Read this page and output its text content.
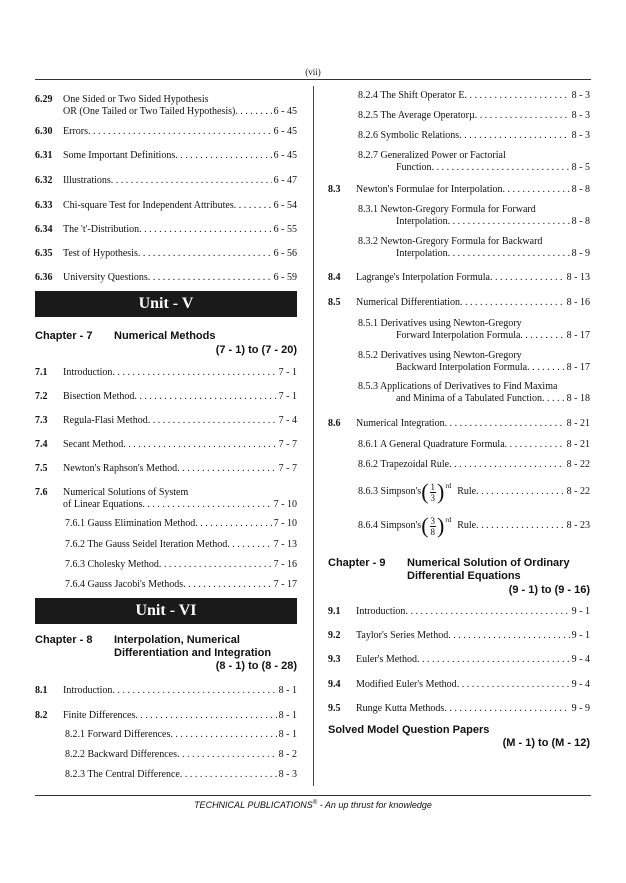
(vii)
6.29 One Sided or Two Sided Hypothesis
OR (One Tailed or Two Tailed Hypothesis) . . .	6 - 45
6.30 Errors . . .	6 - 45
6.31 Some Important Definitions . . .	6 - 45
6.32 Illustrations . . .	6 - 47
6.33 Chi-square Test for Independent Attributes . . .	6 - 54
6.34 The 't'-Distribution . . .	6 - 55
6.35 Test of Hypothesis . . .	6 - 56
6.36 University Questions . . .	6 - 59
Unit - V
Chapter - 7 Numerical Methods
(7 - 1) to (7 - 20)
7.1 Introduction . . .	7 - 1
7.2 Bisection Method . . .	7 - 1
7.3 Regula-Flasi Method . . .	7 - 4
7.4 Secant Method . . .	7 - 7
7.5 Newton's Raphson's Method . . .	7 - 7
7.6 Numerical Solutions of System
of Linear Equations . . .	7 - 10
7.6.1 Gauss Elimination Method . . .	7 - 10
7.6.2 The Gauss Seidel Iteration Method . . .	7 - 13
7.6.3 Cholesky Method . . .	7 - 16
7.6.4 Gauss Jacobi's Methods . . .	7 - 17
Unit - VI
Chapter - 8 Interpolation, Numerical
Differentiation and Integration
(8 - 1) to (8 - 28)
8.1 Introduction . . .	8 - 1
8.2 Finite Differences . . .	8 - 1
8.2.1 Forward Differences . . .	8 - 1
8.2.2 Backward Differences . . .	8 - 2
8.2.3 The Central Difference . . .	8 - 3
8.2.4 The Shift Operator E . . .	8 - 3
8.2.5 The Average Operatorµ . . .	8 - 3
8.2.6 Symbolic Relations . . .	8 - 3
8.2.7 Generalized Power or Factorial
Function . . .	8 - 5
8.3 Newton's Formulae for Interpolation . . .	8 - 8
8.3.1 Newton-Gregory Formula for Forward
Interpolation . . .	8 - 8
8.3.2 Newton-Gregory Formula for Backward
Interpolation . . .	8 - 9
8.4 Lagrange's Interpolation Formula . . .	8 - 13
8.5 Numerical Differentiation . . .	8 - 16
8.5.1 Derivatives using Newton-Gregory
Forward Interpolation Formula . . .	8 - 17
8.5.2 Derivatives using Newton-Gregory
Backward Interpolation Formula . . .	8 - 17
8.5.3 Applications of Derivatives to Find Maxima
and Minima of a Tabulated Function . . . 8 - 18
8.6 Numerical Integration . . .	8 - 21
8.6.1 A General Quadrature Formula . . .	8 - 21
8.6.2 Trapezoidal Rule . . .	8 - 22
8.6.3 Simpson's ( $\frac{1}{3}$ ) rd Rule . . .	8 - 22
8.6.4 Simpson's ( $\frac{3}{8}$ ) rd Rule . . .	8 - 23
Chapter - 9 Numerical Solution of Ordinary
Differential Equations
(9 - 1) to (9 - 16)
9.1 Introduction . . .	9 - 1
9.2 Taylor's Series Method . . .	9 - 1
9.3 Euler's Method . . .	9 - 4
9.4 Modified Euler's Method . . .	9 - 4
9.5 Runge Kutta Methods . . .	9 - 9
Solved Model Question Papers
(M - 1) to (M - 12)
TECHNICAL PUBLICATIONS® - An up thrust for knowledge
